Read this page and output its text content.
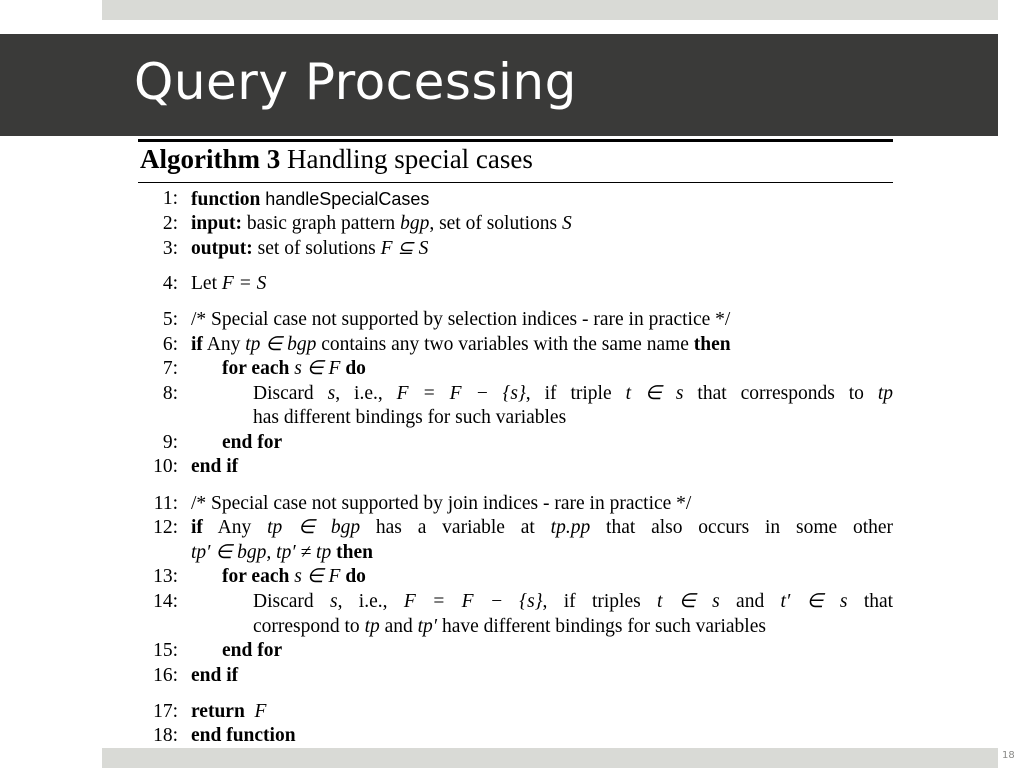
Query Processing
Algorithm 3 Handling special cases
1: function handleSpecialCases
2: input: basic graph pattern bgp, set of solutions S
3: output: set of solutions F ⊆ S
4: Let F = S
5: /* Special case not supported by selection indices - rare in practice */
6: if Any tp ∈ bgp contains any two variables with the same name then
7: for each s ∈ F do
8:	Discard s, i.e., F = F − {s}, if triple t ∈ s that corresponds to tp
has different bindings for such variables
9: end for
10: end if
11: /* Special case not supported by join indices - rare in practice */
12: if Any tp ∈ bgp has a variable at tp.pp that also occurs in some other
tp′ ∈ bgp, tp′ ≠ tp then
13: for each s ∈ F do
14:	Discard s, i.e., F = F − {s}, if triples t ∈ s and t′ ∈ s that
correspond to tp and tp′ have different bindings for such variables
15: end for
16: end if
17: return F
18: end function
18
